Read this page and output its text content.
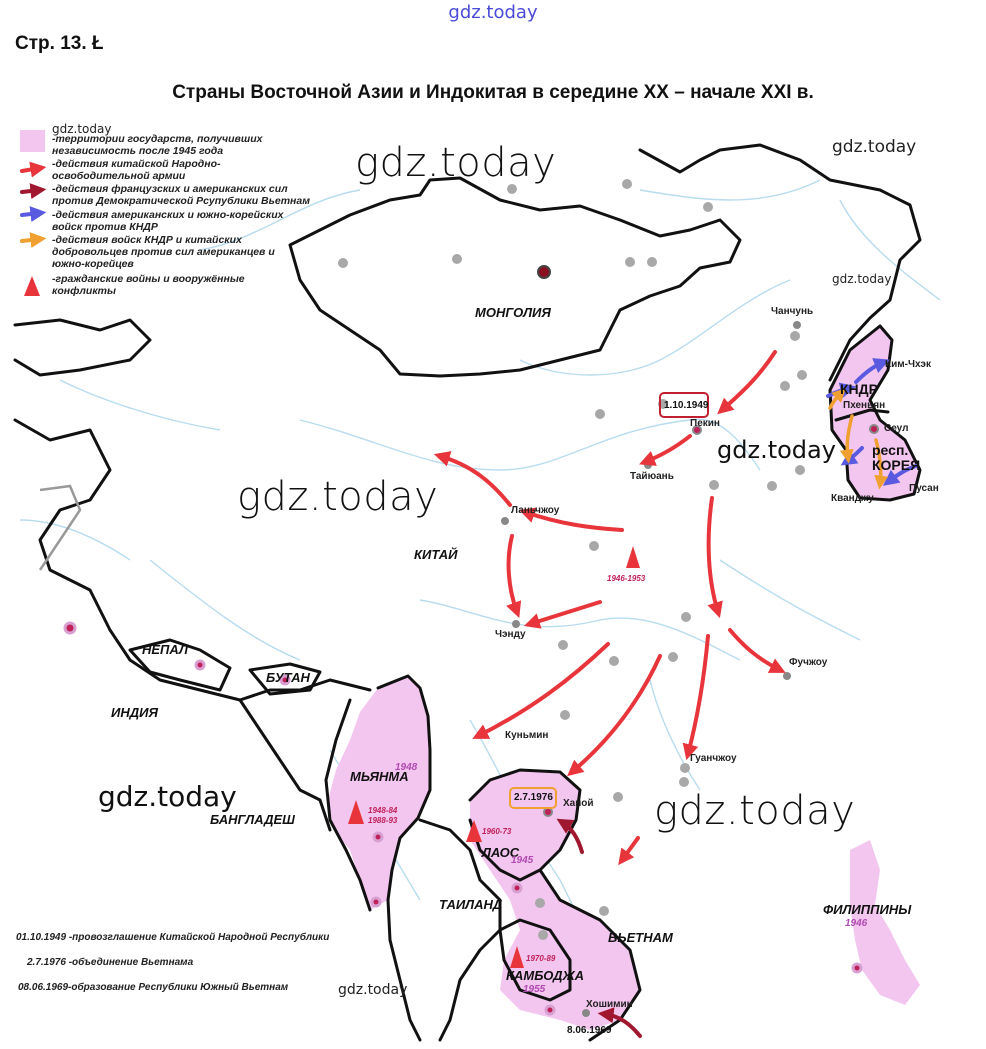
gdz.today
Стр. 13. Ł
Страны Восточной Азии и Индокитая в середине XX – начале XXI в.
gdz.today
-территории государств, получивших независимость после 1945 года
-действия китайской Народно-освободительной армии
-действия французских и американских сил против Демократической Рсупублики Вьетнам
-действия американских и южно-корейских войск против КНДР
-действия войск КНДР и китайских добровольцев против сил американцев и южно-корейцев
-гражданские войны и вооружённые конфликты
gdz.today	gdz.today
gdz.today
gdz.today
gdz.today
gdz.today	gdz.today
gdz.today
МОНГОЛИЯ
КИТАЙ
НЕПАЛ
БУТАН
ИНДИЯ
БАНГЛАДЕШ
МЬЯНМА
ЛАОС
ТАИЛАНД
ВЬЕТНАМ
КАМБОДЖА
ФИЛИППИНЫ
КНДР
респ.
КОРЕЯ
Чанчунь
Пекин
Тайюань
Ланьчжоу
Чэнду
Куньмин
Фучжоу
Гуанчжоу
Ханой
Хошимин
Ким-Чхэк
Пхеньян
Сеул
Пусан
Кванджу
1948
1945
1955
1946
1946-1953
1948-84
1988-93
1960-73
1970-89
1.10.1949
2.7.1976
8.06.1969
01.10.1949 -провозглашение Китайской Народной Республики
2.7.1976 -объединение Вьетнама
08.06.1969-образование Республики Южный Вьетнам
